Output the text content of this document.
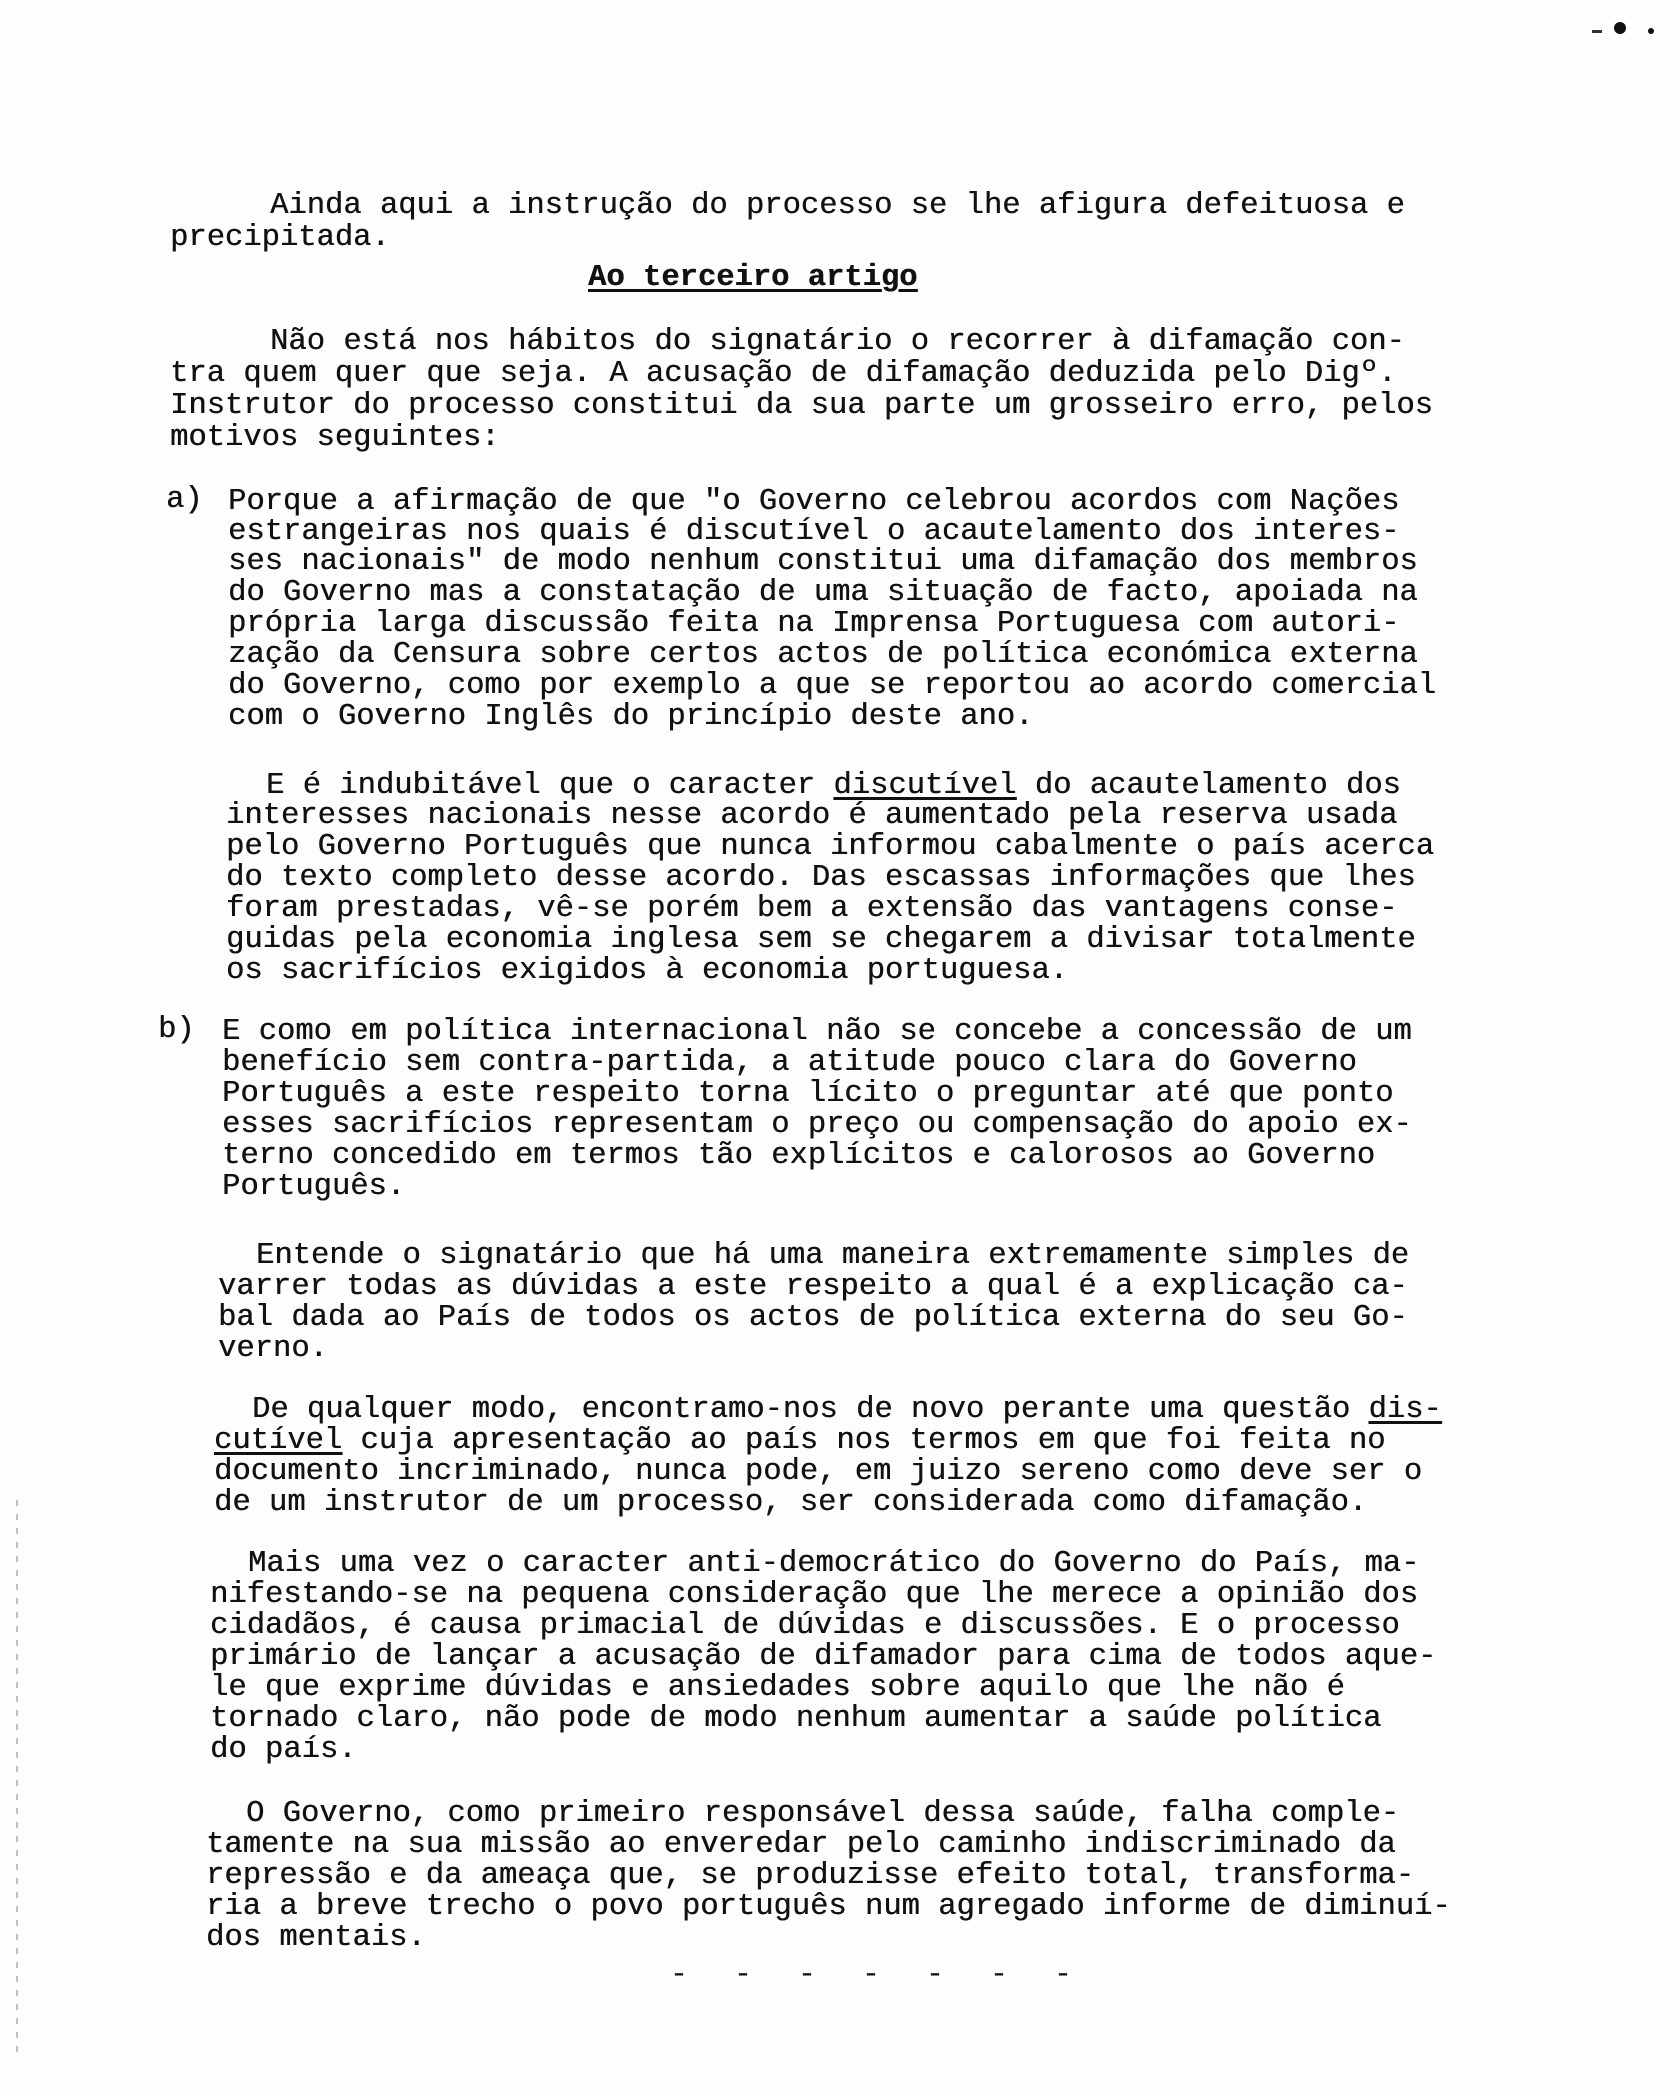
Ainda aqui a instrução do processo se lhe afigura defeituosa e
precipitada.
Ao terceiro artigo
Não está nos hábitos do signatário o recorrer à difamação con-
tra quem quer que seja. A acusação de difamação deduzida pelo Digº.
Instrutor do processo constitui da sua parte um grosseiro erro, pelos
motivos seguintes:
a) Porque a afirmação de que "o Governo celebrou acordos com Nações
estrangeiras nos quais é discutível o acautelamento dos interes-
ses nacionais" de modo nenhum constitui uma difamação dos membros
do Governo mas a constatação de uma situação de facto, apoiada na
própria larga discussão feita na Imprensa Portuguesa com autori-
zação da Censura sobre certos actos de política económica externa
do Governo, como por exemplo a que se reportou ao acordo comercial
com o Governo Inglês do princípio deste ano.
E é indubitável que o caracter discutível do acautelamento dos
interesses nacionais nesse acordo é aumentado pela reserva usada
pelo Governo Português que nunca informou cabalmente o país acerca
do texto completo desse acordo. Das escassas informações que lhes
foram prestadas, vê-se porém bem a extensão das vantagens conse-
guidas pela economia inglesa sem se chegarem a divisar totalmente
os sacrifícios exigidos à economia portuguesa.
b) E como em política internacional não se concebe a concessão de um
benefício sem contra-partida, a atitude pouco clara do Governo
Português a este respeito torna lícito o preguntar até que ponto
esses sacrifícios representam o preço ou compensação do apoio ex-
terno concedido em termos tão explícitos e calorosos ao Governo
Português.
Entende o signatário que há uma maneira extremamente simples de
varrer todas as dúvidas a este respeito a qual é a explicação ca-
bal dada ao País de todos os actos de política externa do seu Go-
verno.
De qualquer modo, encontramo-nos de novo perante uma questão dis-
cutível cuja apresentação ao país nos termos em que foi feita no
documento incriminado, nunca pode, em juizo sereno como deve ser o
de um instrutor de um processo, ser considerada como difamação.
Mais uma vez o caracter anti-democrático do Governo do País, ma-
nifestando-se na pequena consideração que lhe merece a opinião dos
cidadãos, é causa primacial de dúvidas e discussões. E o processo
primário de lançar a acusação de difamador para cima de todos aque-
le que exprime dúvidas e ansiedades sobre aquilo que lhe não é
tornado claro, não pode de modo nenhum aumentar a saúde política
do país.
O Governo, como primeiro responsável dessa saúde, falha comple-
tamente na sua missão ao enveredar pelo caminho indiscriminado da
repressão e da ameaça que, se produzisse efeito total, transforma-
ria a breve trecho o povo português num agregado informe de diminuí-
dos mentais.
- - - - - - -
